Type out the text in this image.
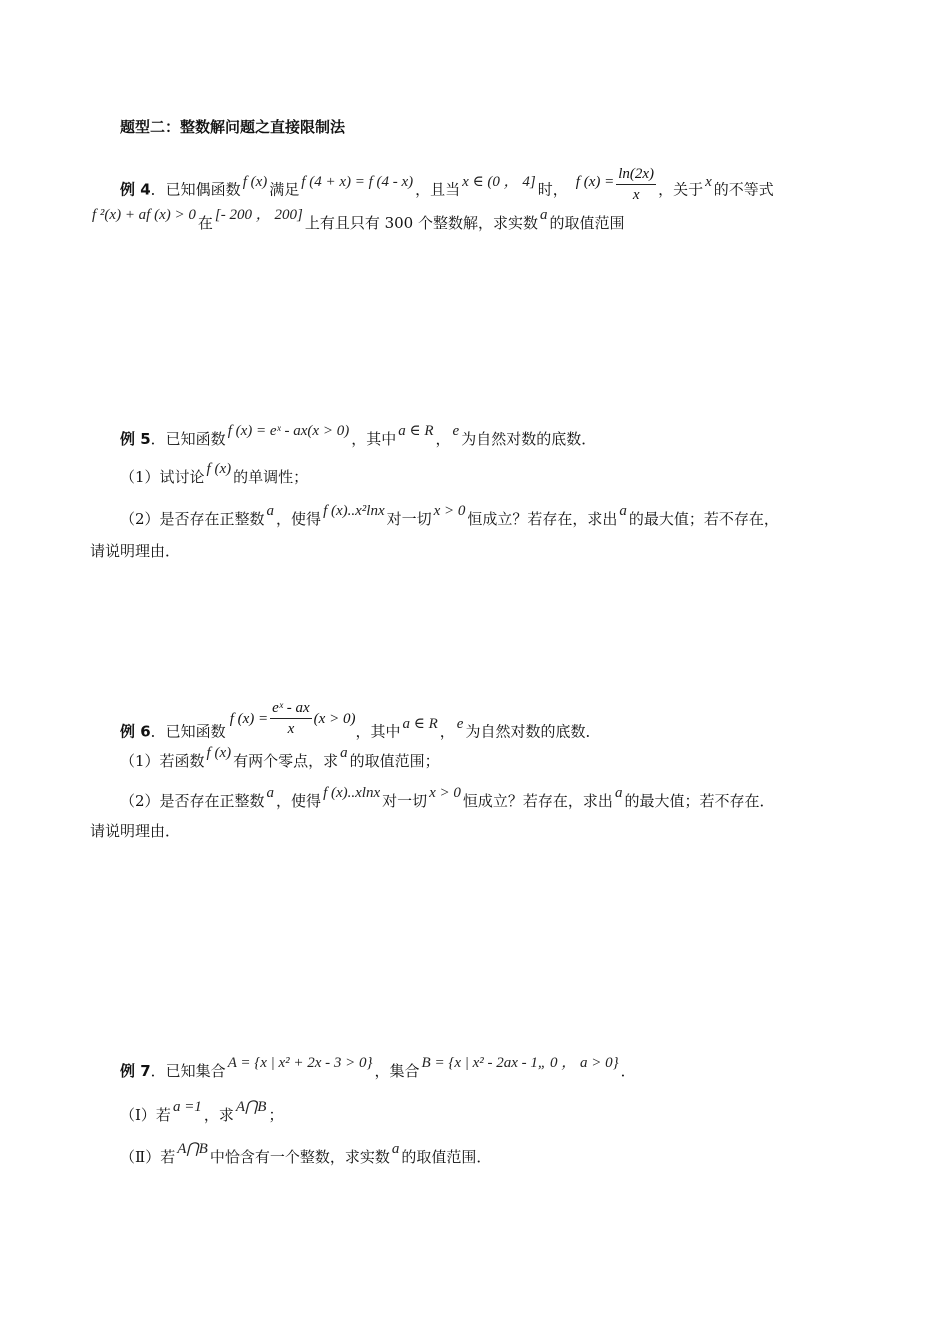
题型二：整数解问题之直接限制法
例 4．已知偶函数 f (x) 满足 f (4 + x) = f (4 - x) ，且当 x ∈ (0 ， 4] 时， f $(x) = \frac{\ln(2x)}{x}$ ，关于 x 的不等式
f ²(x) + af (x) > 0 在 [- 200 ， 200] 上有且只有 300 个整数解，求实数 a 的取值范围
例 5．已知函数 f (x) = eˣ - ax(x > 0) ，其中 a ∈ R ， e 为自然对数的底数．
（1）试讨论 f (x) 的单调性；
（2）是否存在正整数 a ，使得 f (x)..x²lnx 对一切 x > 0 恒成立？若存在，求出 a 的最大值；若不存在，
请说明理由．
例 6．已知函数f $(x) = \frac{\text{eˣ - ax}}{x} (x > 0)$，其中 a ∈ R ， e 为自然对数的底数．
（1）若函数 f (x) 有两个零点，求 a 的取值范围；
（2）是否存在正整数 a ，使得 f (x)..xlnx 对一切 x > 0 恒成立？若存在，求出 a 的最大值；若不存在．
请说明理由．
例 7．已知集合 A = {x | x² + 2x - 3 > 0} ，集合 B = {x | x² - 2ax - 1„ 0 ， a > 0} ．
（Ⅰ）若 a =1 ，求 A⋂B ；
（Ⅱ）若 A⋂B 中恰含有一个整数，求实数 a 的取值范围．
